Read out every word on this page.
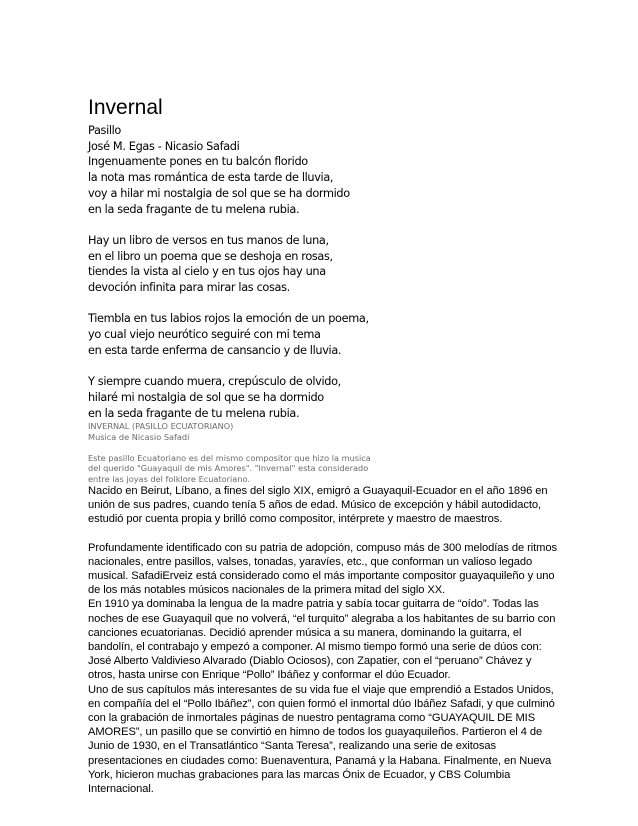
Invernal
Pasillo
José M. Egas - Nicasio Safadi
Ingenuamente pones en tu balcón florido
la nota mas romántica de esta tarde de lluvia,
voy a hilar mi nostalgia de sol que se ha dormido
en la seda fragante de tu melena rubia.
Hay un libro de versos en tus manos de luna,
en el libro un poema que se deshoja en rosas,
tiendes la vista al cielo y en tus ojos hay una
devoción infinita para mirar las cosas.
Tiembla en tus labios rojos la emoción de un poema,
yo cual viejo neurótico seguiré con mi tema
en esta tarde enferma de cansancio y de lluvia.
Y siempre cuando muera, crepúsculo de olvido,
hilaré mi nostalgia de sol que se ha dormido
en la seda fragante de tu melena rubia.
INVERNAL (PASILLO ECUATORIANO)
Musica de Nicasio Safadi
Este pasillo Ecuatoriano es del mismo compositor que hizo la musica
del querido "Guayaquil de mis Amores". "Invernal" esta considerado
entre las joyas del folklore Ecuatoriano.

Nacido en Beirut, Líbano, a fines del siglo XIX, emigró a Guayaquil-Ecuador en el año 1896 en unión de sus padres, cuando tenía 5 años de edad. Músico de excepción y hábil autodidacto, estudió por cuenta propia y brilló como compositor, intérprete y maestro de maestros.

Profundamente identificado con su patria de adopción, compuso más de 300 melodías de ritmos nacionales, entre pasillos, valses, tonadas, yaravíes, etc., que conforman un valioso legado musical. SafadiErveiz está considerado como el más importante compositor guayaquileño y uno de los más notables músicos nacionales de la primera mitad del siglo XX.

En 1910 ya dominaba la lengua de la madre patria y sabía tocar guitarra de “oído”. Todas las noches de ese Guayaquil que no volverá, “el turquito” alegraba a los habitantes de su barrio con canciones ecuatorianas. Decidió aprender música a su manera, dominando la guitarra, el bandolín, el contrabajo y empezó a componer. Al mismo tiempo formó una serie de dúos con: José Alberto Valdivieso Alvarado (Diablo Ociosos), con Zapatier, con el “peruano” Chávez y otros, hasta unirse con Enrique “Pollo” Ibáñez y conformar el dúo Ecuador.

Uno de sus capítulos más interesantes de su vida fue el viaje que emprendió a Estados Unidos, en compañía del el “Pollo Ibáñez”, con quien formó el inmortal dúo Ibáñez Safadi, y que culminó con la grabación de inmortales páginas de nuestro pentagrama como “GUAYAQUIL DE MIS AMORES”, un pasillo que se convirtió en himno de todos los guayaquileños. Partieron el 4 de Junio de 1930, en el Transatlántico “Santa Teresa”, realizando una serie de exitosas presentaciones en ciudades como: Buenaventura, Panamá y la Habana. Finalmente, en Nueva York, hicieron muchas grabaciones para las marcas Ónix de Ecuador, y CBS Columbia Internacional.
